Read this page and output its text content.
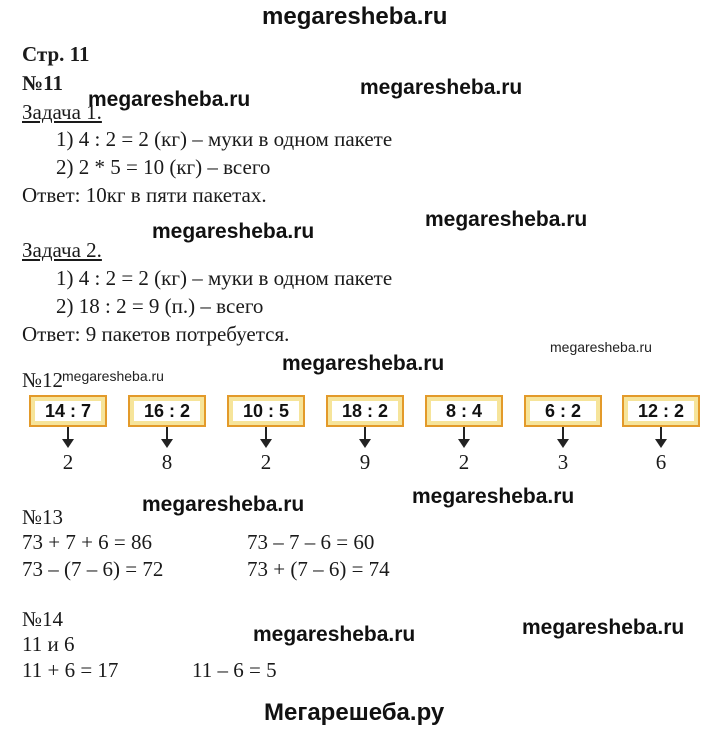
megaresheba.ru
megaresheba.ru
megaresheba.ru
megaresheba.ru
megaresheba.ru
megaresheba.ru
megaresheba.ru
megaresheba.ru
megaresheba.ru
megaresheba.ru
megaresheba.ru
megaresheba.ru
Мегарешеба.ру
Стр. 11
№11
Задача 1.
1) 4 : 2 = 2 (кг) – муки в одном пакете
2) 2 * 5 = 10 (кг) – всего
Ответ: 10кг в пяти пакетах.
Задача 2.
1) 4 : 2 = 2 (кг) – муки в одном пакете
2) 18 : 2 = 9 (п.) – всего
Ответ: 9 пакетов потребуется.
№12
14 : 7
2
16 : 2
8
10 : 5
2
18 : 2
9
8 : 4
2
6 : 2
3
12 : 2
6
№13
73 + 7 + 6 = 86
73 – (7 – 6) = 72
73 – 7 – 6 = 60
73 + (7 – 6) = 74
№14
11 и 6
11 + 6 = 17	11 – 6 = 5
